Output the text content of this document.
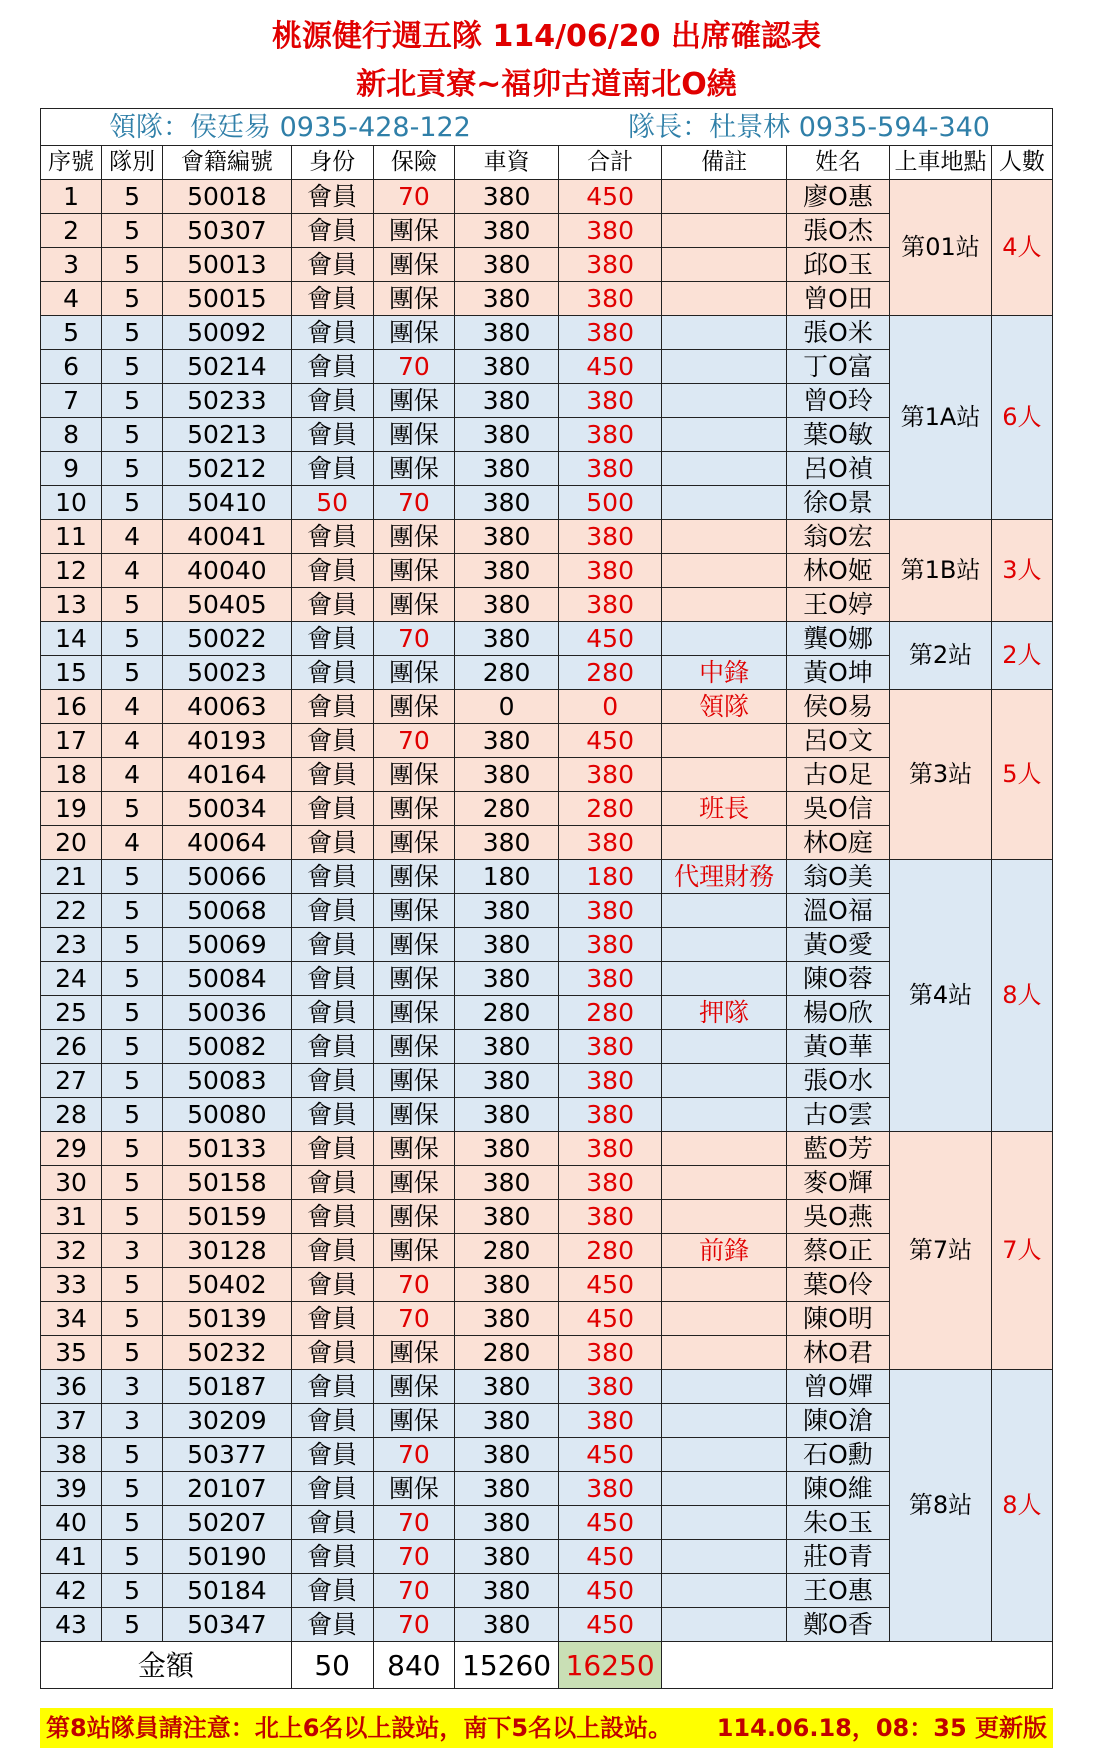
桃源健行週五隊 114/06/20 出席確認表
新北貢寮~福卯古道南北O繞
領隊：侯廷易 0935-428-122 隊長：杜景林 0935-594-340										

序號	隊別	會籍編號	身份	保險	車資	合計	備註	姓名	上車地點	人數
1	5	50018	會員	70	380	450		廖O惠	第01站	4人
2	5	50307	會員	團保	380	380		張O杰		
3	5	50013	會員	團保	380	380		邱O玉		
4	5	50015	會員	團保	380	380		曾O田		
5	5	50092	會員	團保	380	380		張O米	第1A站	6人
6	5	50214	會員	70	380	450		丁O富		
7	5	50233	會員	團保	380	380		曾O玲		
8	5	50213	會員	團保	380	380		葉O敏		
9	5	50212	會員	團保	380	380		呂O禎		
10	5	50410	50	70	380	500		徐O景		
11	4	40041	會員	團保	380	380		翁O宏	第1B站	3人
12	4	40040	會員	團保	380	380		林O姬		
13	5	50405	會員	團保	380	380		王O婷		
14	5	50022	會員	70	380	450		龔O娜	第2站	2人
15	5	50023	會員	團保	280	280	中鋒	黃O坤		
16	4	40063	會員	團保	0	0	領隊	侯O易	第3站	5人
17	4	40193	會員	70	380	450		呂O文		
18	4	40164	會員	團保	380	380		古O足		
19	5	50034	會員	團保	280	280	班長	吳O信		
20	4	40064	會員	團保	380	380		林O庭		
21	5	50066	會員	團保	180	180	代理財務	翁O美	第4站	8人
22	5	50068	會員	團保	380	380		溫O福		
23	5	50069	會員	團保	380	380		黃O愛		
24	5	50084	會員	團保	380	380		陳O蓉		
25	5	50036	會員	團保	280	280	押隊	楊O欣		
26	5	50082	會員	團保	380	380		黃O華		
27	5	50083	會員	團保	380	380		張O水		
28	5	50080	會員	團保	380	380		古O雲		
29	5	50133	會員	團保	380	380		藍O芳	第7站	7人
30	5	50158	會員	團保	380	380		麥O輝		
31	5	50159	會員	團保	380	380		吳O燕		
32	3	30128	會員	團保	280	280	前鋒	蔡O正		
33	5	50402	會員	70	380	450		葉O伶		
34	5	50139	會員	70	380	450		陳O明		
35	5	50232	會員	團保	280	380		林O君		
36	3	50187	會員	團保	380	380		曾O嬋	第8站	8人
37	3	30209	會員	團保	380	380		陳O滄		
38	5	50377	會員	70	380	450		石O勳		
39	5	20107	會員	團保	380	380		陳O維		
40	5	50207	會員	70	380	450		朱O玉		
41	5	50190	會員	70	380	450		莊O青		
42	5	50184	會員	70	380	450		王O惠		
43	5	50347	會員	70	380	450		鄭O香		
金額			50	840	15260	16250				
第8站隊員請注意：北上6名以上設站，南下5名以上設站。 114.06.18，08：35 更新版
